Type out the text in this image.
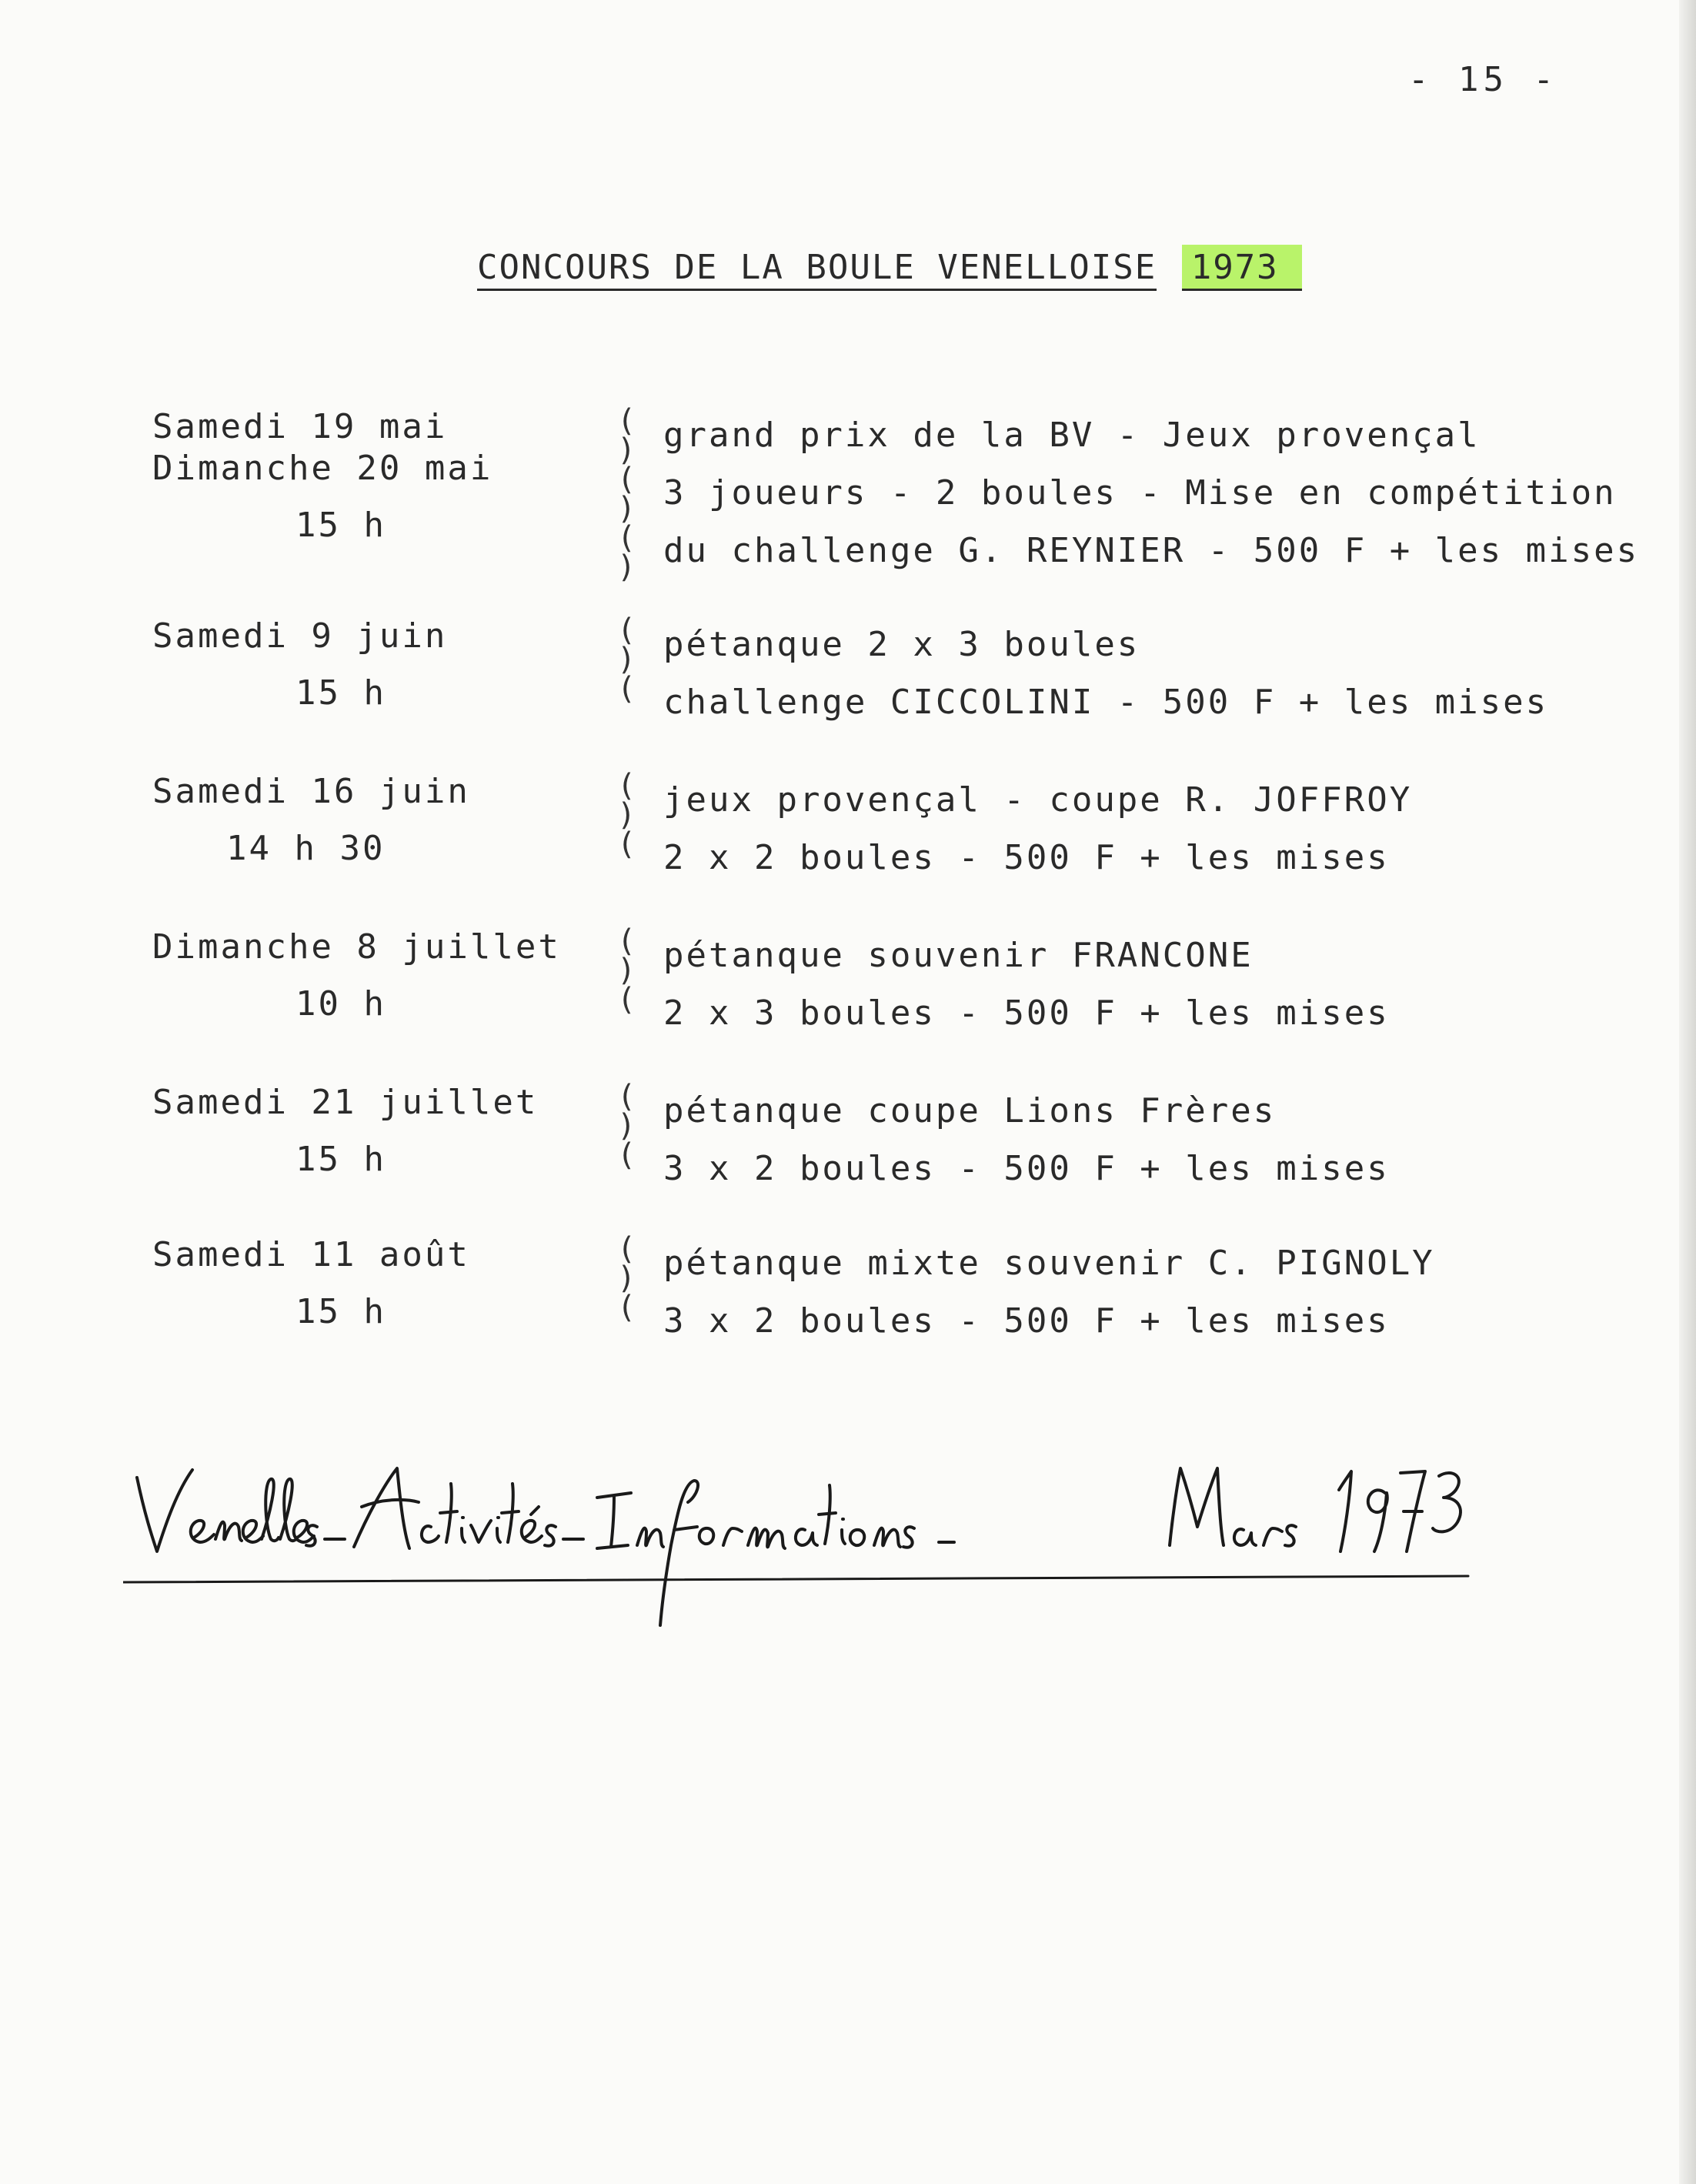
- 15 -
CONCOURS DE LA BOULE VENELLOISE 1973
Samedi 19 mai
Dimanche 20 mai
15 h
(
)
(
)
(
)
grand prix de la BV - Jeux provençal
3 joueurs - 2 boules - Mise en compétition
du challenge G. REYNIER - 500 F + les mises
Samedi 9 juin
15 h
(
)
(
pétanque 2 x 3 boules
challenge CICCOLINI - 500 F + les mises
Samedi 16 juin
14 h 30
(
)
(
jeux provençal - coupe R. JOFFROY
2 x 2 boules - 500 F + les mises
Dimanche 8 juillet
10 h
(
)
(
pétanque souvenir FRANCONE
2 x 3 boules - 500 F + les mises
Samedi 21 juillet
15 h
(
)
(
pétanque coupe Lions Frères
3 x 2 boules - 500 F + les mises
Samedi 11 août
15 h
(
)
(
pétanque mixte souvenir C. PIGNOLY
3 x 2 boules - 500 F + les mises
